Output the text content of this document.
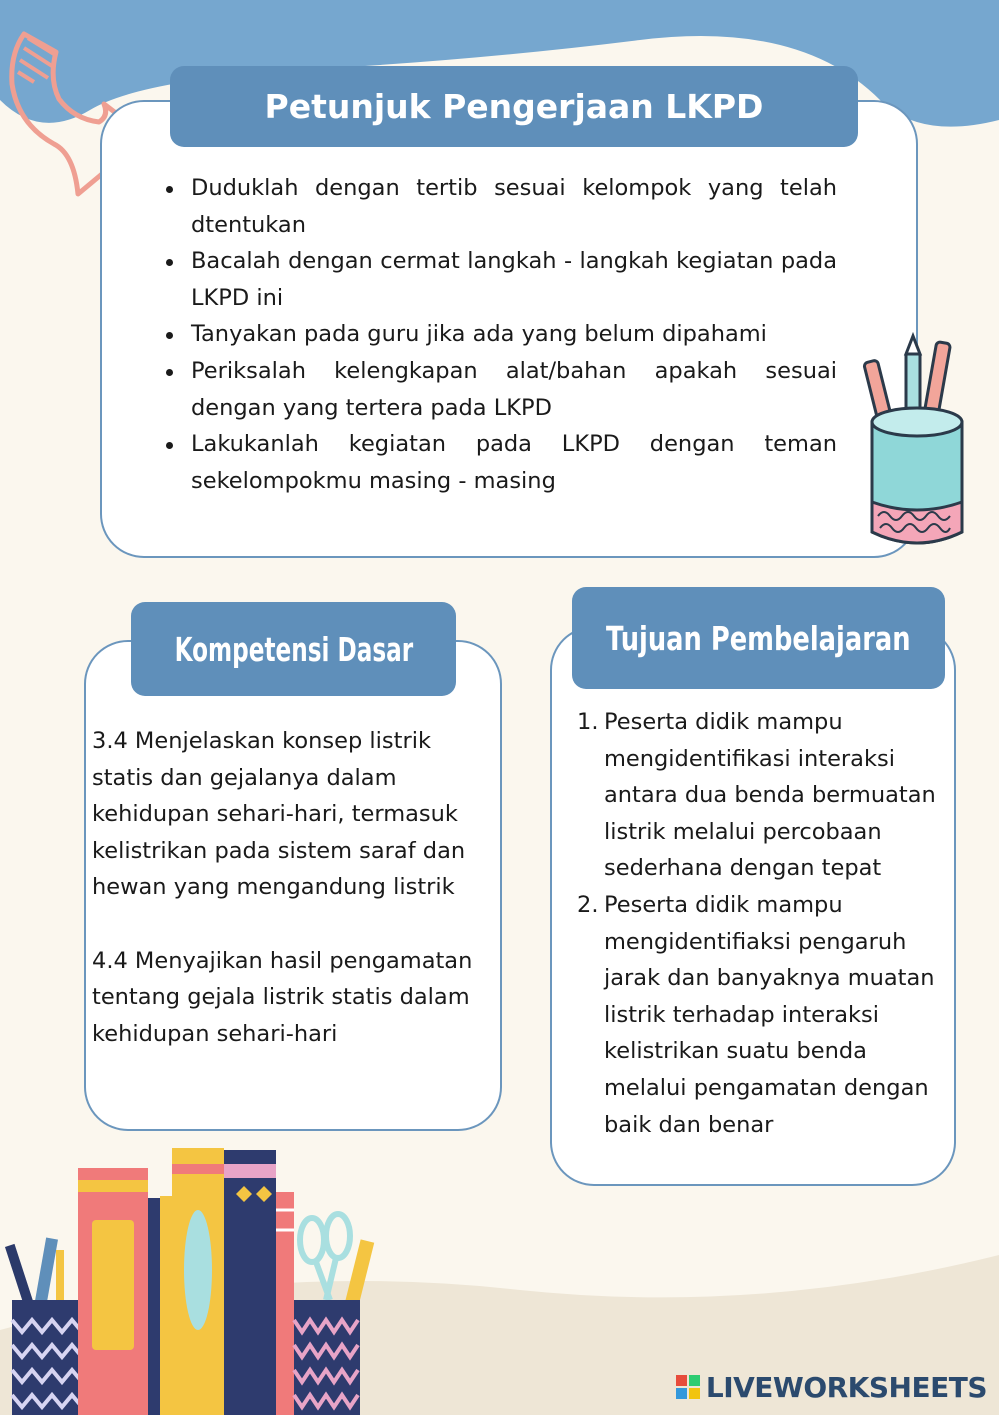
Petunjuk Pengerjaan LKPD
Duduklah dengan tertib sesuai kelompok yang telah dtentukan
Bacalah dengan cermat langkah - langkah kegiatan pada LKPD ini
Tanyakan pada guru jika ada yang belum dipahami
Periksalah kelengkapan alat/bahan apakah sesuai dengan yang tertera pada LKPD
Lakukanlah kegiatan pada LKPD dengan teman sekelompokmu masing - masing
Kompetensi Dasar

3.4 Menjelaskan konsep listrik statis dan gejalanya dalam kehidupan sehari-hari, termasuk kelistrikan pada sistem saraf dan hewan yang mengandung listrik

4.4 Menyajikan hasil pengamatan tentang gejala listrik statis dalam kehidupan sehari-hari

Tujuan Pembelajaran
1. Peserta didik mampu mengidentifikasi interaksi antara dua benda bermuatan listrik melalui percobaan sederhana dengan tepat
2. Peserta didik mampu mengidentifiaksi pengaruh jarak dan banyaknya muatan listrik terhadap interaksi kelistrikan suatu benda melalui pengamatan dengan baik dan benar
LIVEWORKSHEETS
